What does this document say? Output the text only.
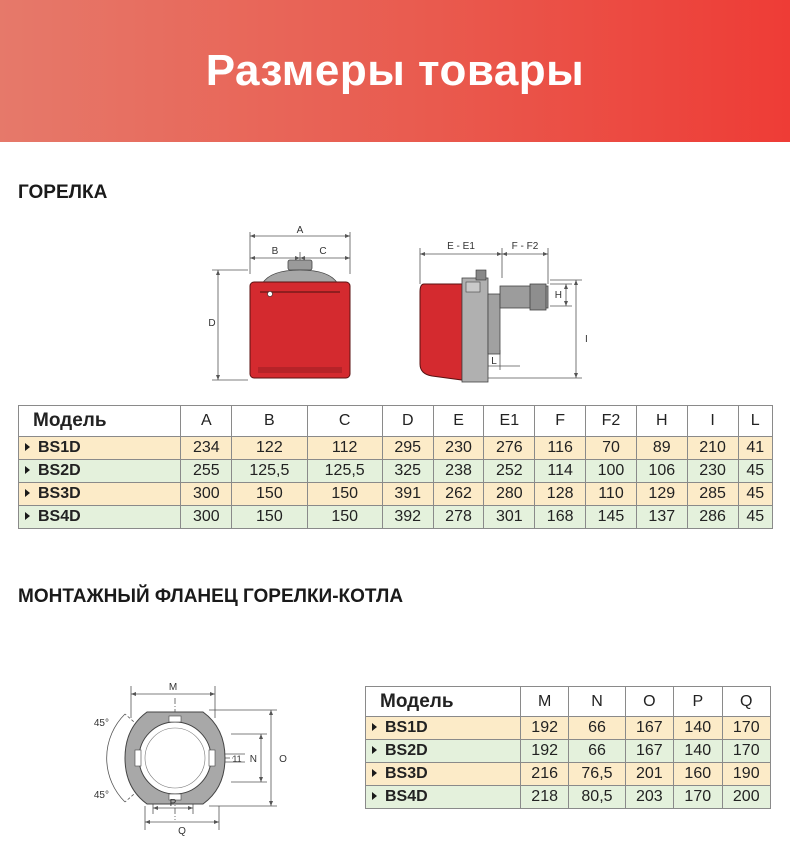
Размеры товары
ГОРЕЛКА
A
B	C
D
E - E1	F - F2
H
I
L
Модель	A	B	C	D	E	E1	F	F2	H	I	L
BS1D	234	122	112	295	230	276	116	70	89	210	41
BS2D	255	125,5	125,5	325	238	252	114	100	106	230	45
BS3D	300	150	150	391	262	280	128	110	129	285	45
BS4D	300	150	150	392	278	301	168	145	137	286	45
МОНТАЖНЫЙ ФЛАНЕЦ ГОРЕЛКИ-КОТЛА
M
N O
P
Q
45°
45°
11
Модель	M	N	O	P	Q
BS1D	192	66	167	140	170
BS2D	192	66	167	140	170
BS3D	216	76,5	201	160	190
BS4D	218	80,5	203	170	200
